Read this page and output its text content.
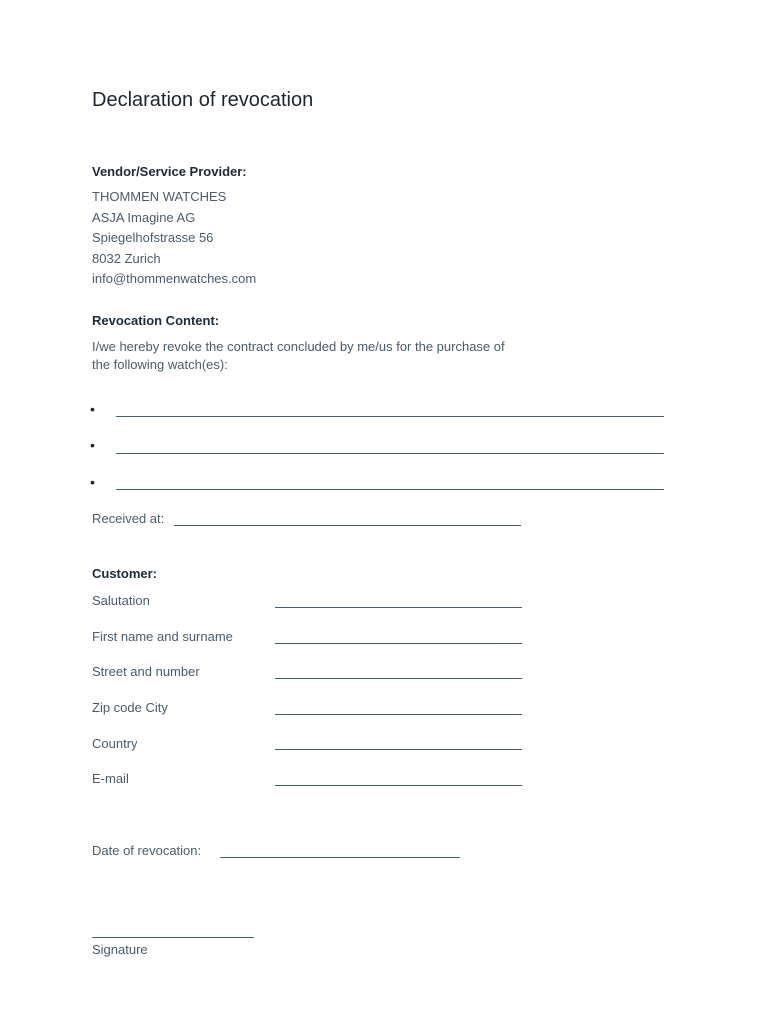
Declaration of revocation
Vendor/Service Provider:
THOMMEN WATCHES
ASJA Imagine AG
Spiegelhofstrasse 56
8032 Zurich
info@thommenwatches.com
Revocation Content:
I/we hereby revoke the contract concluded by me/us for the purchase of the following watch(es):
•
•
•
Received at:
Customer:
Salutation
First name and surname
Street and number
Zip code City
Country
E-mail
Date of revocation:
Signature
